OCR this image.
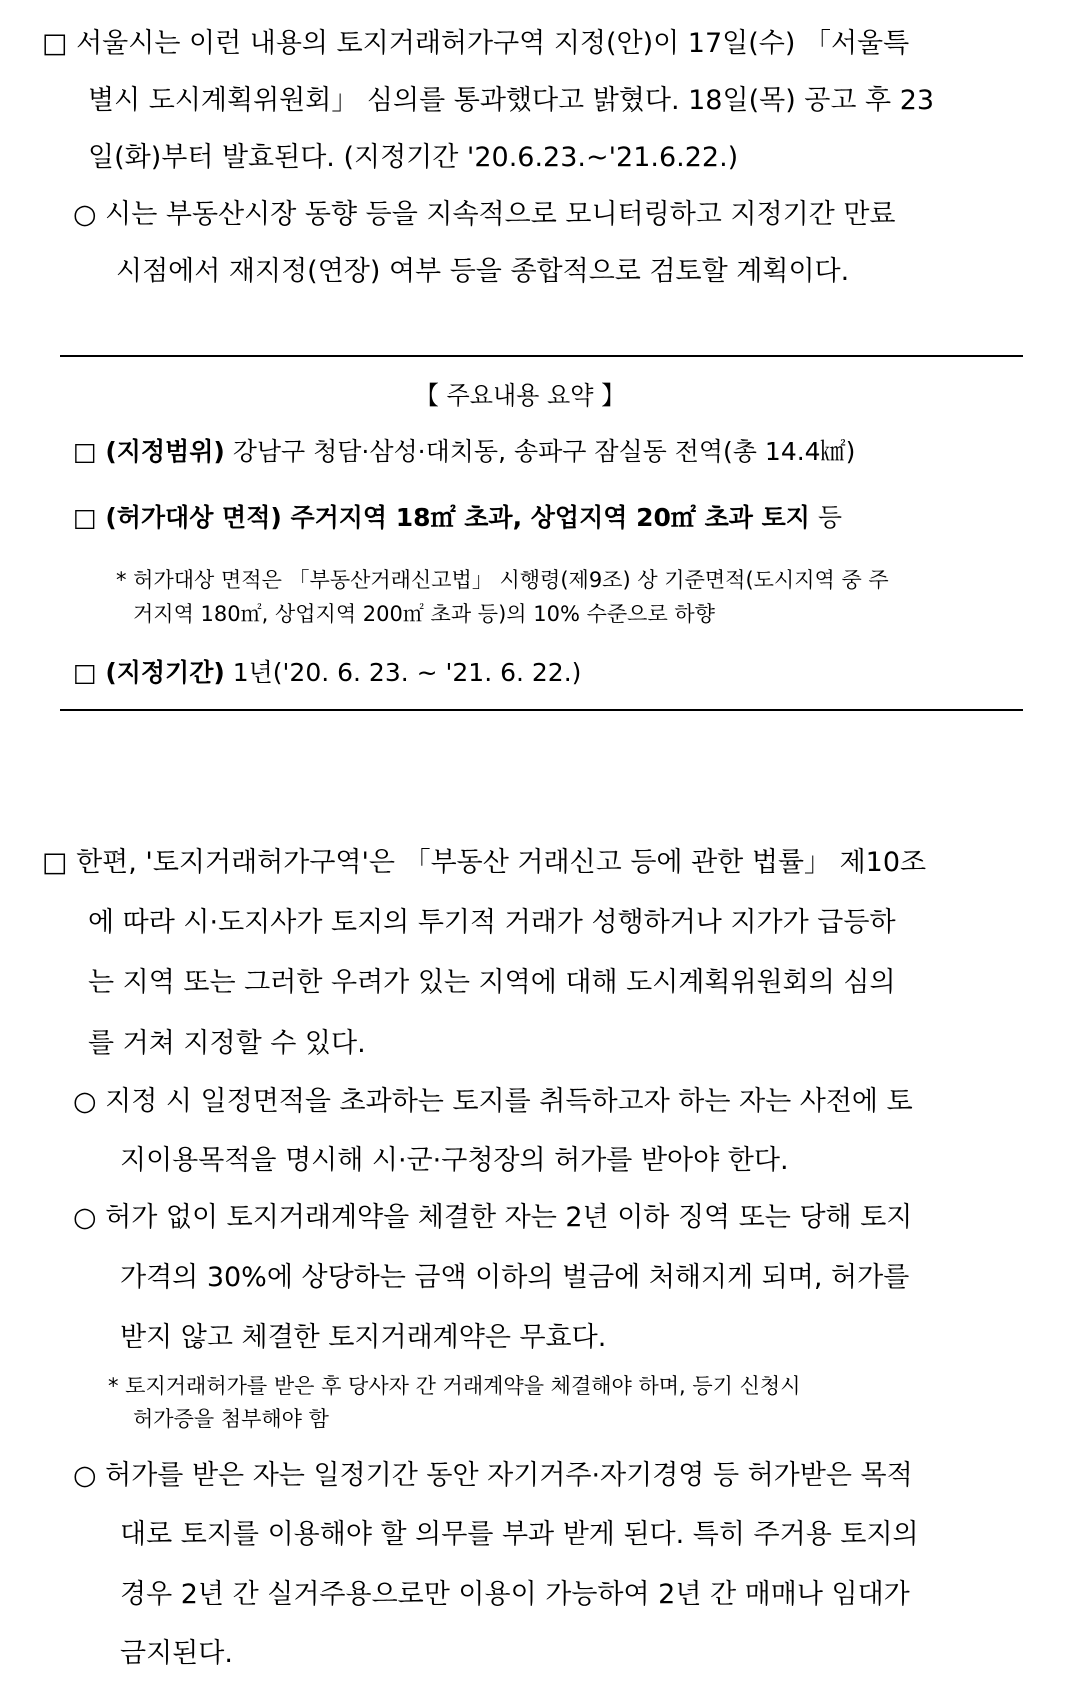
□ 서울시는 이런 내용의 토지거래허가구역 지정(안)이 17일(수) 「서울특
별시 도시계획위원회」 심의를 통과했다고 밝혔다. 18일(목) 공고 후 23
일(화)부터 발효된다. (지정기간 '20.6.23.~'21.6.22.)
○ 시는 부동산시장 동향 등을 지속적으로 모니터링하고 지정기간 만료
시점에서 재지정(연장) 여부 등을 종합적으로 검토할 계획이다.
【 주요내용 요약 】
□ (지정범위) 강남구 청담·삼성·대치동, 송파구 잠실동 전역(총 14.4㎢)
□ (허가대상 면적) 주거지역 18㎡ 초과, 상업지역 20㎡ 초과 토지 등
* 허가대상 면적은 「부동산거래신고법」 시행령(제9조) 상 기준면적(도시지역 중 주
거지역 180㎡, 상업지역 200㎡ 초과 등)의 10% 수준으로 하향
□ (지정기간) 1년('20. 6. 23. ~ '21. 6. 22.)
□ 한편, '토지거래허가구역'은 「부동산 거래신고 등에 관한 법률」 제10조
에 따라 시·도지사가 토지의 투기적 거래가 성행하거나 지가가 급등하
는 지역 또는 그러한 우려가 있는 지역에 대해 도시계획위원회의 심의
를 거쳐 지정할 수 있다.
○ 지정 시 일정면적을 초과하는 토지를 취득하고자 하는 자는 사전에 토
지이용목적을 명시해 시·군·구청장의 허가를 받아야 한다.
○ 허가 없이 토지거래계약을 체결한 자는 2년 이하 징역 또는 당해 토지
가격의 30%에 상당하는 금액 이하의 벌금에 처해지게 되며, 허가를
받지 않고 체결한 토지거래계약은 무효다.
* 토지거래허가를 받은 후 당사자 간 거래계약을 체결해야 하며, 등기 신청시
허가증을 첨부해야 함
○ 허가를 받은 자는 일정기간 동안 자기거주·자기경영 등 허가받은 목적
대로 토지를 이용해야 할 의무를 부과 받게 된다. 특히 주거용 토지의
경우 2년 간 실거주용으로만 이용이 가능하여 2년 간 매매나 임대가
금지된다.
